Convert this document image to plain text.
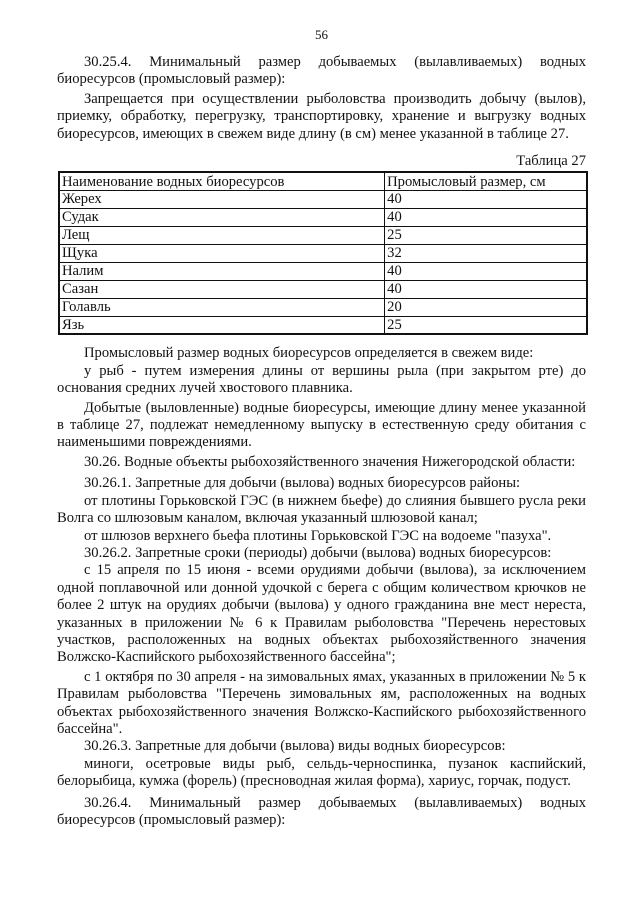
56

30.25.4. Минимальный размер добываемых (вылавливаемых) водных биоресурсов (промысловый размер):

Запрещается при осуществлении рыболовства производить добычу (вылов), приемку, обработку, перегрузку, транспортировку, хранение и выгрузку водных биоресурсов, имеющих в свежем виде длину (в см) менее указанной в таблице 27.

Таблица 27
Наименование водных биоресурсов	Промысловый размер, см
Жерех	40
Судак	40
Лещ	25
Щука	32
Налим	40
Сазан	40
Голавль	20
Язь	25

Промысловый размер водных биоресурсов определяется в свежем виде:

у рыб - путем измерения длины от вершины рыла (при закрытом рте) до основания средних лучей хвостового плавника.

Добытые (выловленные) водные биоресурсы, имеющие длину менее указанной в таблице 27, подлежат немедленному выпуску в естественную среду обитания с наименьшими повреждениями.

30.26. Водные объекты рыбохозяйственного значения Нижегородской области:

30.26.1. Запретные для добычи (вылова) водных биоресурсов районы:

от плотины Горьковской ГЭС (в нижнем бьефе) до слияния бывшего русла реки Волга со шлюзовым каналом, включая указанный шлюзовой канал;

от шлюзов верхнего бьефа плотины Горьковской ГЭС на водоеме "пазуха".

30.26.2. Запретные сроки (периоды) добычи (вылова) водных биоресурсов:

с 15 апреля по 15 июня - всеми орудиями добычи (вылова), за исключением одной поплавочной или донной удочкой с берега с общим количеством крючков не более 2 штук на орудиях добычи (вылова) у одного гражданина вне мест нереста, указанных в приложении № 6 к Правилам рыболовства "Перечень нерестовых участков, расположенных на водных объектах рыбохозяйственного значения Волжско-Каспийского рыбохозяйственного бассейна";

с 1 октября по 30 апреля - на зимовальных ямах, указанных в приложении № 5 к Правилам рыболовства "Перечень зимовальных ям, расположенных на водных объектах рыбохозяйственного значения Волжско-Каспийского рыбохозяйственного бассейна".

30.26.3. Запретные для добычи (вылова) виды водных биоресурсов:

миноги, осетровые виды рыб, сельдь-черноспинка, пузанок каспийский, белорыбица, кумжа (форель) (пресноводная жилая форма), хариус, горчак, подуст.

30.26.4. Минимальный размер добываемых (вылавливаемых) водных биоресурсов (промысловый размер):
